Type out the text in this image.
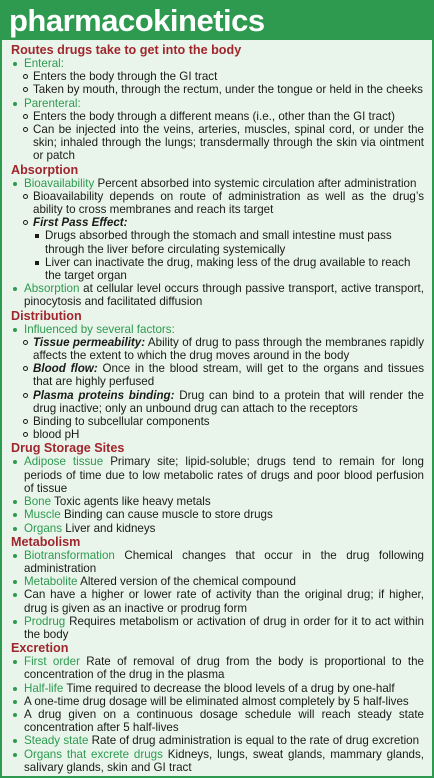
pharmacokinetics
Routes drugs take to get into the body
Enteral:
Enters the body through the GI tract
Taken by mouth, through the rectum, under the tongue or held in the cheeks
Parenteral:
Enters the body through a different means (i.e., other than the GI tract)
Can be injected into the veins, arteries, muscles, spinal cord, or under the skin; inhaled through the lungs; transdermally through the skin via ointment or patch
Absorption
Bioavailability Percent absorbed into systemic circulation after administration
Bioavailability depends on route of administration as well as the drug’s ability to cross membranes and reach its target
First Pass Effect:
Drugs absorbed through the stomach and small intestine must pass through the liver before circulating systemically
Liver can inactivate the drug, making less of the drug available to reach the target organ
Absorption at cellular level occurs through passive transport, active transport, pinocytosis and facilitated diffusion
Distribution
Influenced by several factors:
Tissue permeability: Ability of drug to pass through the membranes rapidly affects the extent to which the drug moves around in the body
Blood flow: Once in the blood stream, will get to the organs and tissues that are highly perfused
Plasma proteins binding: Drug can bind to a protein that will render the drug inactive; only an unbound drug can attach to the receptors
Binding to subcellular components
blood pH
Drug Storage Sites
Adipose tissue Primary site; lipid-soluble; drugs tend to remain for long periods of time due to low metabolic rates of drugs and poor blood perfusion of tissue
Bone Toxic agents like heavy metals
Muscle Binding can cause muscle to store drugs
Organs Liver and kidneys
Metabolism
Biotransformation Chemical changes that occur in the drug following administration
Metabolite Altered version of the chemical compound
Can have a higher or lower rate of activity than the original drug; if higher, drug is given as an inactive or prodrug form
Prodrug Requires metabolism or activation of drug in order for it to act within the body
Excretion
First order Rate of removal of drug from the body is proportional to the concentration of the drug in the plasma
Half-life Time required to decrease the blood levels of a drug by one-half
A one-time drug dosage will be eliminated almost completely by 5 half-lives
A drug given on a continuous dosage schedule will reach steady state concentration after 5 half-lives
Steady state Rate of drug administration is equal to the rate of drug excretion
Organs that excrete drugs Kidneys, lungs, sweat glands, mammary glands, salivary glands, skin and GI tract
